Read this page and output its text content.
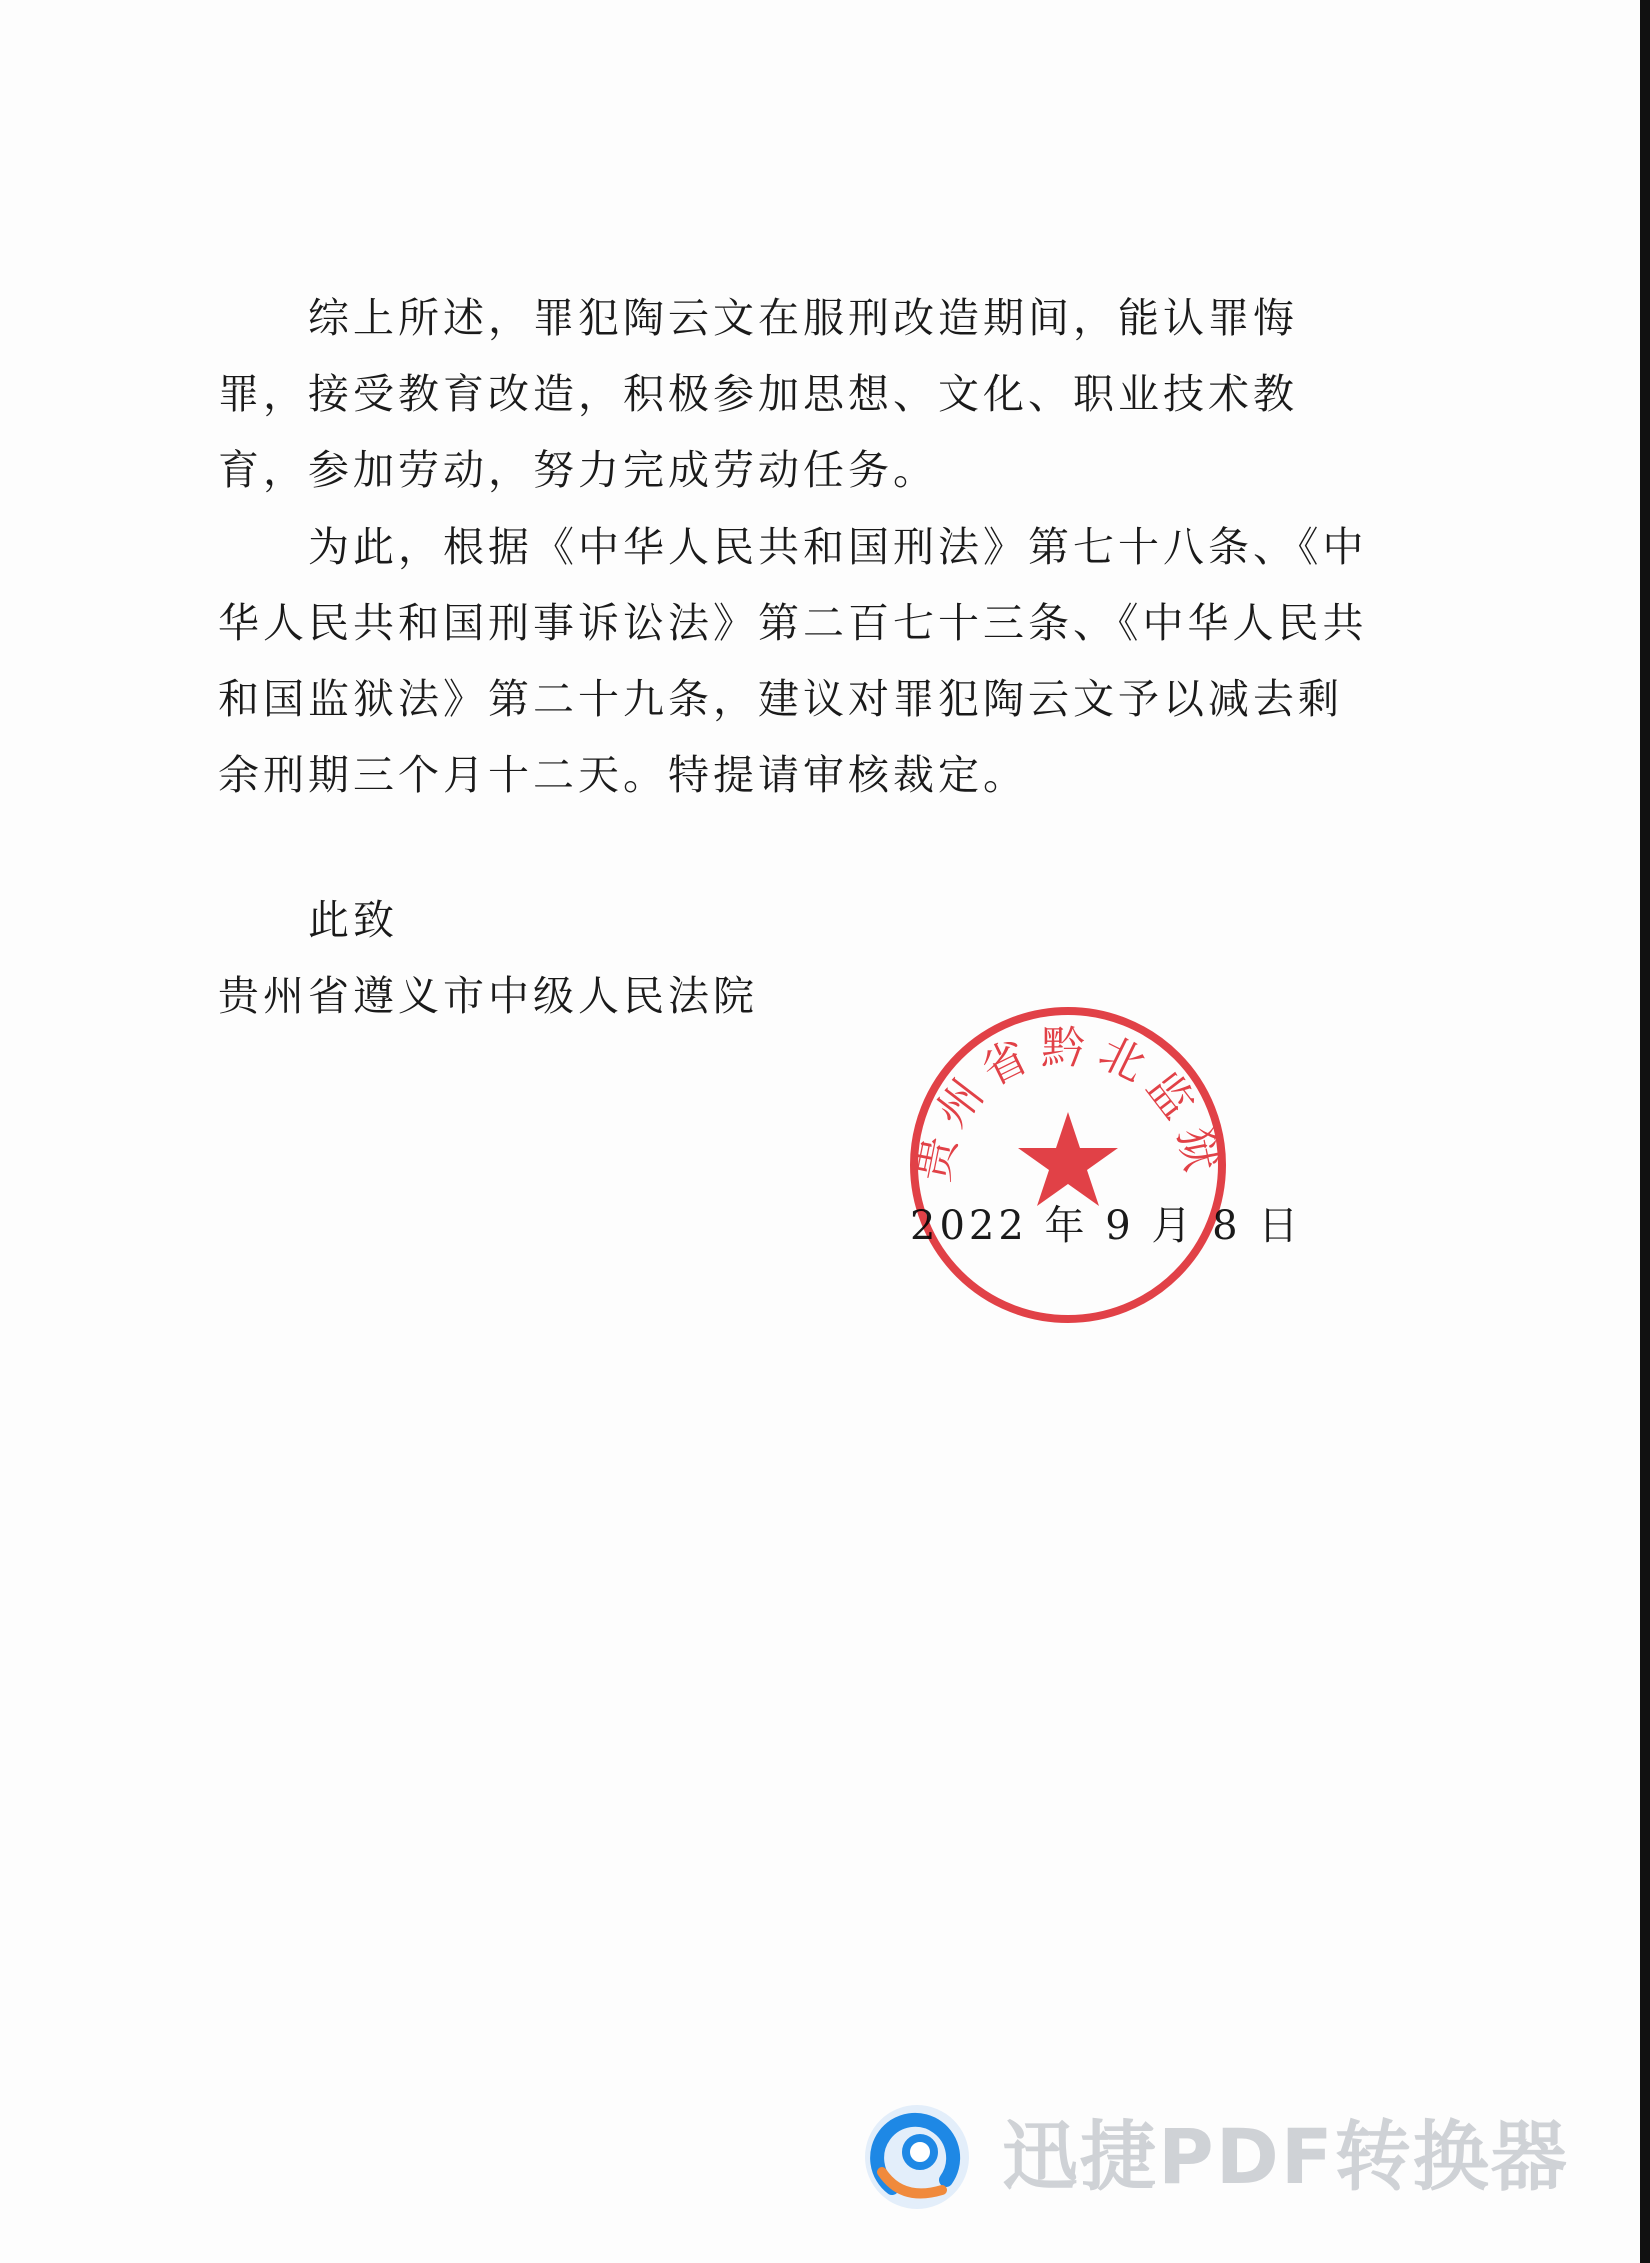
综上所述，罪犯陶云文在服刑改造期间，能认罪悔罪，接受教育改造，积极参加思想、文化、职业技术教育，参加劳动，努力完成劳动任务。

为此，根据《中华人民共和国刑法》第七十八条、《中华人民共和国刑事诉讼法》第二百七十三条、《中华人民共和国监狱法》第二十九条，建议对罪犯陶云文予以减去剩余刑期三个月十二天。特提请审核裁定。

此致

贵州省遵义市中级人民法院

2022 年 9 月 8 日
贵州省黔北监狱
迅捷PDF转换器
